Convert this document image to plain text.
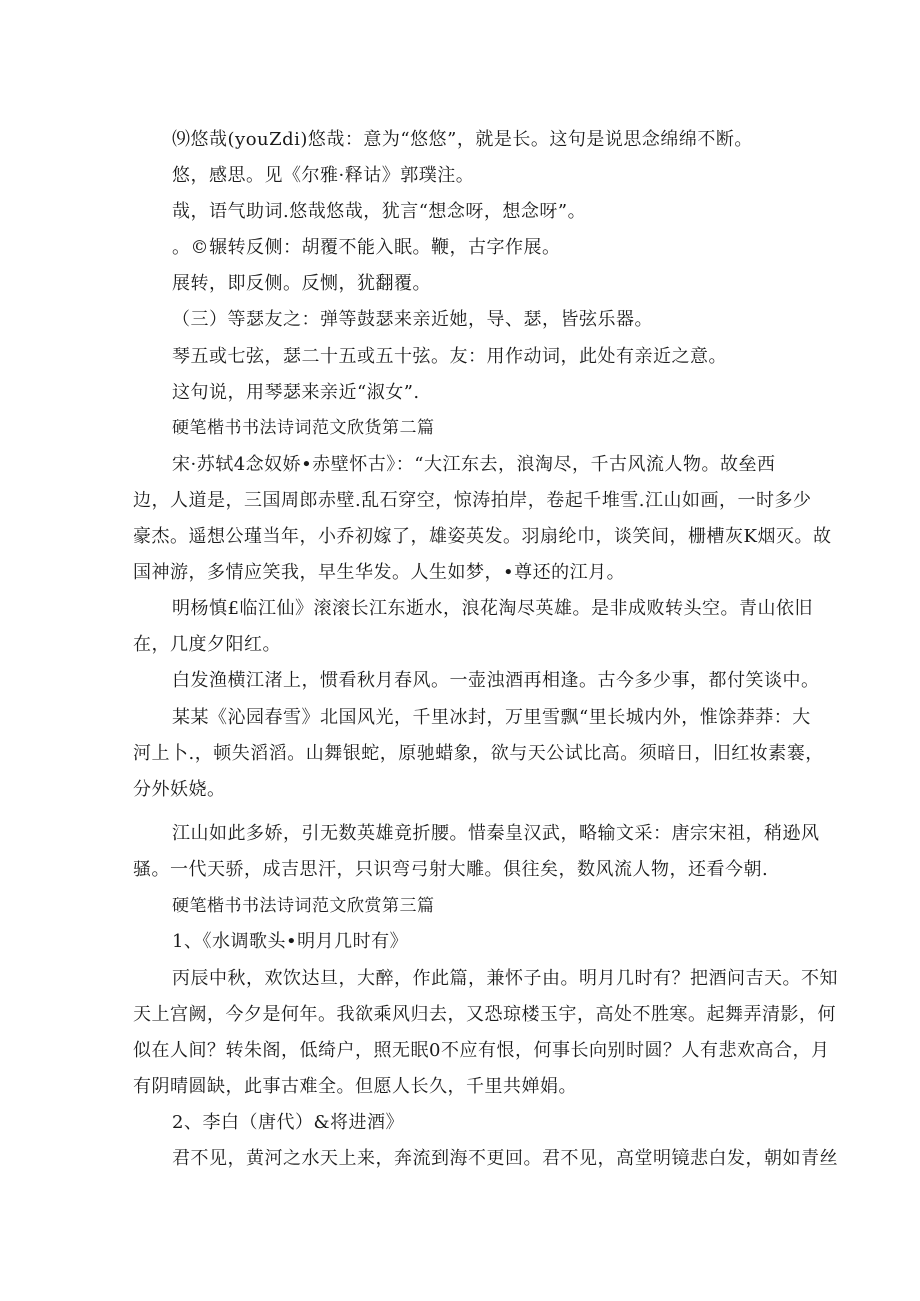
⑼悠哉(youZdi)悠哉：意为“悠悠”，就是长。这句是说思念绵绵不断。
悠，感思。见《尔雅·释诂》郭璞注。
哉，语气助词.悠哉悠哉，犹言“想念呀，想念呀”。
。©辗转反侧：胡覆不能入眠。鞭，古字作展。
展转，即反侧。反恻，犹翻覆。
（三）等瑟友之：弹等鼓瑟来亲近她，导、瑟，皆弦乐器。
琴五或七弦，瑟二十五或五十弦。友：用作动词，此处有亲近之意。
这句说，用琴瑟来亲近“淑女”.
硬笔楷书书法诗词范文欣货第二篇
宋·苏轼4念奴娇•赤壁怀古》：“大江东去，浪淘尽，千古风流人物。故垒西
边，人道是，三国周郎赤壁.乱石穿空，惊涛拍岸，卷起千堆雪.江山如画，一时多少
豪杰。遥想公瑾当年，小乔初嫁了，雄姿英发。羽扇纶巾，谈笑间，栅槽灰K烟灭。故
国神游，多情应笑我，早生华发。人生如梦，•尊还的江月。
明杨慎£临江仙》滚滚长江东逝水，浪花淘尽英雄。是非成败转头空。青山依旧
在，几度夕阳红。
白发渔横江渚上，惯看秋月春风。一壶浊酒再相逢。古今多少事，都付笑谈中。
某某《沁园春雪》北国风光，千里冰封，万里雪飘“里长城内外，惟馀莽莽：大
河上卜.，顿失滔滔。山舞银蛇，原驰蜡象，欲与天公试比高。须暗日，旧红妆素褰，
分外妖娆。
江山如此多娇，引无数英雄竟折腰。惜秦皇汉武，略输文采：唐宗宋祖，稍逊风
骚。一代天骄，成吉思汗，只识弯弓射大雕。俱往矣，数风流人物，还看今朝.
硬笔楷书书法诗词范文欣赏第三篇
1、《水调歌头•明月几时有》
丙辰中秋，欢饮达旦，大醉，作此篇，兼怀子由。明月几时有？把酒问吉天。不知
天上宫阙，今夕是何年。我欲乘风归去，又恐琼楼玉宇，高处不胜寒。起舞弄清影，何
似在人间？转朱阁，低绮户，照无眠0不应有恨，何事长向别时圆？人有悲欢高合，月
有阴晴圆缺，此事古难全。但愿人长久，千里共婵娟。
2、李白（唐代）&将进酒》
君不见，黄河之水天上来，奔流到海不更回。君不见，高堂明镜悲白发，朝如青丝
